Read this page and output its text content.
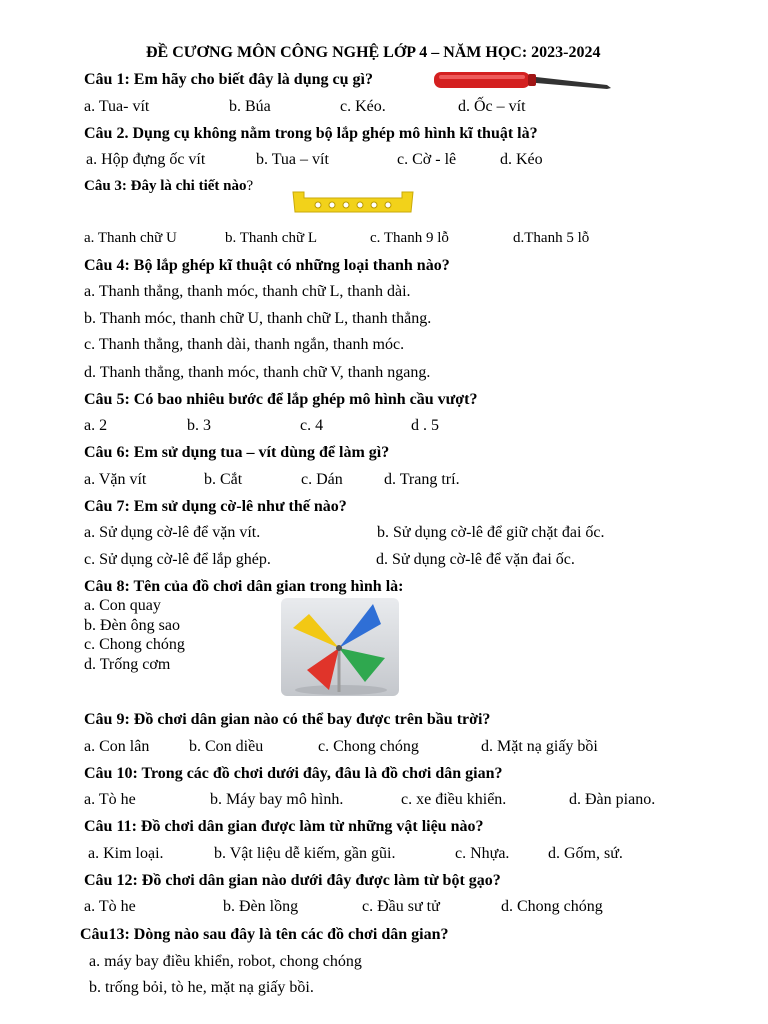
ĐỀ CƯƠNG MÔN CÔNG NGHỆ LỚP 4 – NĂM HỌC: 2023-2024
Câu 1: Em hãy cho biết đây là dụng cụ gì?
a. Tua- vít	b. Búa	c. Kéo.	d. Ốc – vít
Câu 2. Dụng cụ không nằm trong bộ lắp ghép mô hình kĩ thuật là?
a. Hộp đựng ốc vít	b. Tua – vít	c. Cờ - lê	d. Kéo
Câu 3: Đây là chi tiết nào?
a. Thanh chữ U	b. Thanh chữ L	c. Thanh 9 lỗ	d.Thanh 5 lỗ
Câu 4: Bộ lắp ghép kĩ thuật có những loại thanh nào?
a. Thanh thẳng, thanh móc, thanh chữ L, thanh dài.
b. Thanh móc, thanh chữ U, thanh chữ L, thanh thẳng.
c. Thanh thẳng, thanh dài, thanh ngắn, thanh móc.
d. Thanh thẳng, thanh móc, thanh chữ V, thanh ngang.
Câu 5: Có bao nhiêu bước để lắp ghép mô hình cầu vượt?
a. 2	b. 3	c. 4	d . 5
Câu 6: Em sử dụng tua – vít dùng để làm gì?
a. Vặn vít	b. Cắt	c. Dán	d. Trang trí.
Câu 7: Em sử dụng cờ-lê như thế nào?
a. Sử dụng cờ-lê để vặn vít.	b. Sử dụng cờ-lê để giữ chặt đai ốc.
c. Sử dụng cờ-lê để lắp ghép.	d. Sử dụng cờ-lê để vặn đai ốc.
Câu 8: Tên của đồ chơi dân gian trong hình là:
a. Con quay
b. Đèn ông sao
c. Chong chóng
d. Trống cơm
Câu 9: Đồ chơi dân gian nào có thể bay được trên bầu trời?
a. Con lân b. Con diều	c. Chong chóng	d. Mặt nạ giấy bồi
Câu 10: Trong các đồ chơi dưới đây, đâu là đồ chơi dân gian?
a. Tò he	b. Máy bay mô hình.	c. xe điều khiển.	d. Đàn piano.
Câu 11: Đồ chơi dân gian được làm từ những vật liệu nào?
a. Kim loại.	b. Vật liệu dễ kiếm, gần gũi.	c. Nhựa. d. Gốm, sứ.
Câu 12: Đồ chơi dân gian nào dưới đây được làm từ bột gạo?
a. Tò he	b. Đèn lồng	c. Đầu sư tử	d. Chong chóng
Câu13: Dòng nào sau đây là tên các đồ chơi dân gian?
a. máy bay điều khiển, robot, chong chóng
b. trống bỏi, tò he, mặt nạ giấy bồi.
